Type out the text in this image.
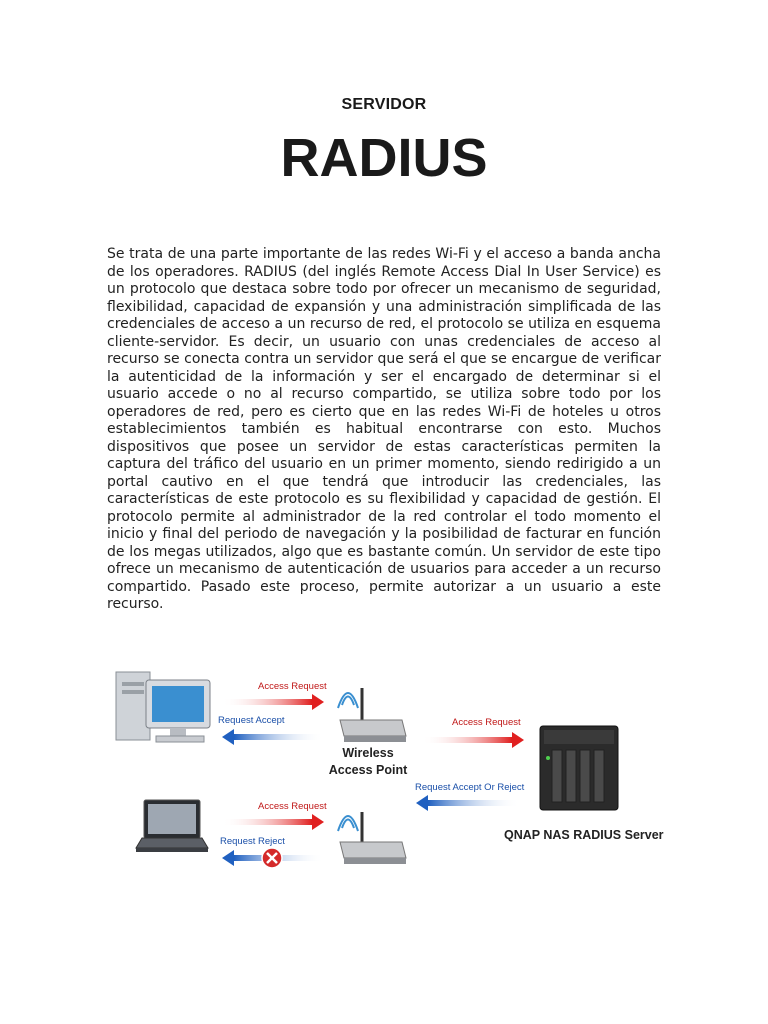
SERVIDOR
RADIUS

Se trata de una parte importante de las redes Wi-Fi y el acceso a banda ancha de los operadores. RADIUS (del inglés Remote Access Dial In User Service) es un protocolo que destaca sobre todo por ofrecer un mecanismo de seguridad, flexibilidad, capacidad de expansión y una administración simplificada de las credenciales de acceso a un recurso de red, el protocolo se utiliza en esquema cliente-servidor. Es decir, un usuario con unas credenciales de acceso al recurso se conecta contra un servidor que será el que se encargue de verificar la autenticidad de la información y ser el encargado de determinar si el usuario accede o no al recurso compartido, se utiliza sobre todo por los operadores de red, pero es cierto que en las redes Wi-Fi de hoteles u otros establecimientos también es habitual encontrarse con esto. Muchos dispositivos que posee un servidor de estas características permiten la captura del tráfico del usuario en un primer momento, siendo redirigido a un portal cautivo en el que tendrá que introducir las credenciales, las características de este protocolo es su flexibilidad y capacidad de gestión. El protocolo permite al administrador de la red controlar el todo momento el inicio y final del periodo de navegación y la posibilidad de facturar en función de los megas utilizados, algo que es bastante común. Un servidor de este tipo ofrece un mecanismo de autenticación de usuarios para acceder a un recurso compartido. Pasado este proceso, permite autorizar a un usuario a este recurso.

Access Request
Request Accept	Access Request
Request Accept Or Reject
Access Request
Request Reject
Wireless
Access Point
QNAP NAS RADIUS Server
